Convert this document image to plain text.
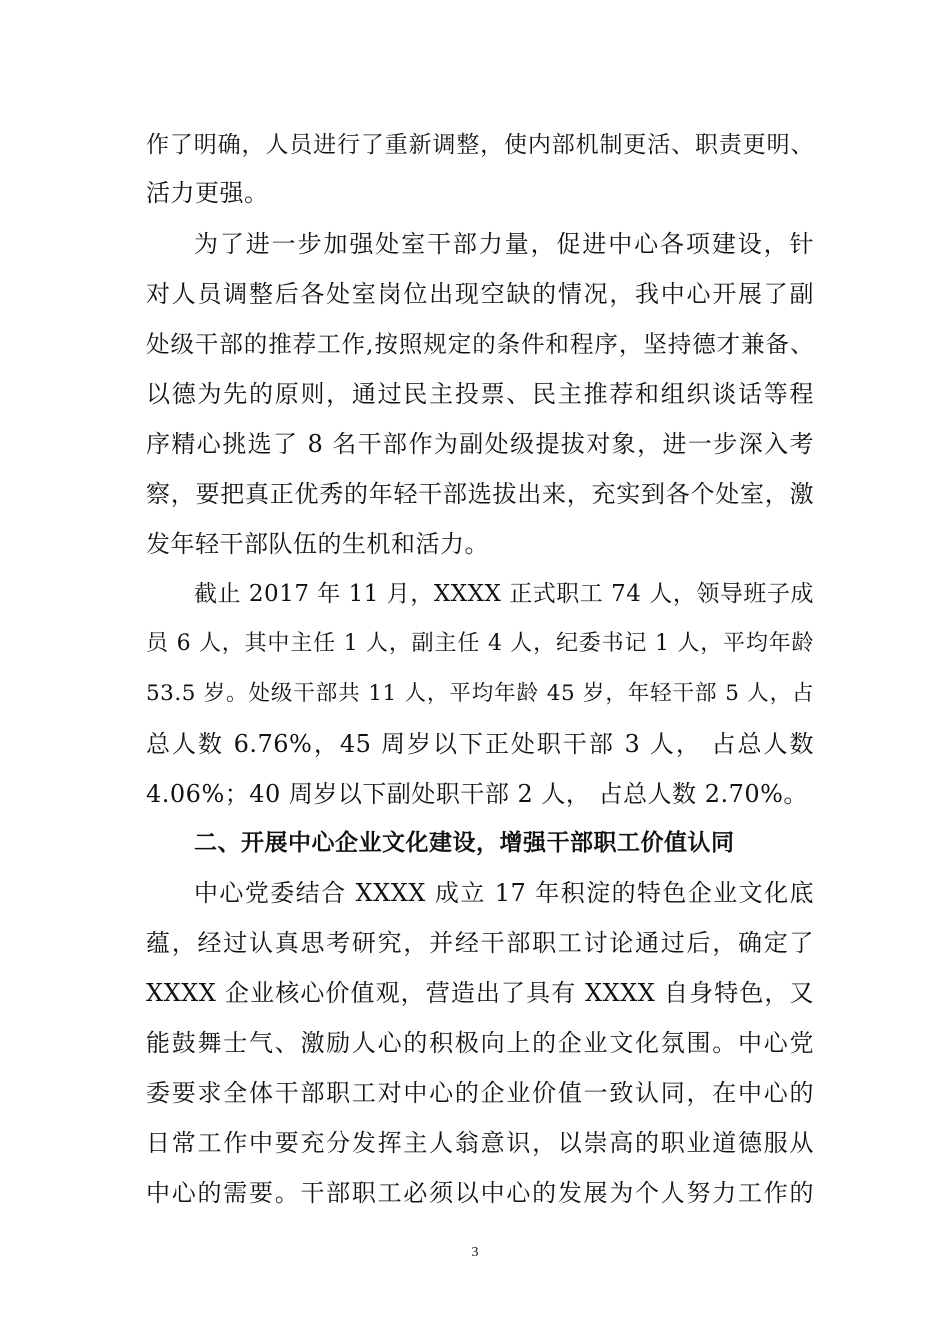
作了明确，人员进行了重新调整，使内部机制更活、职责更明、
活力更强。
为了进一步加强处室干部力量，促进中心各项建设，针
对人员调整后各处室岗位出现空缺的情况，我中心开展了副
处级干部的推荐工作,按照规定的条件和程序，坚持德才兼备、
以德为先的原则，通过民主投票、民主推荐和组织谈话等程
序精心挑选了 8 名干部作为副处级提拔对象，进一步深入考
察，要把真正优秀的年轻干部选拔出来，充实到各个处室，激
发年轻干部队伍的生机和活力。
截止 2017 年 11 月，XXXX 正式职工 74 人，领导班子成
员 6 人，其中主任 1 人，副主任 4 人，纪委书记 1 人，平均年龄
53.5 岁。处级干部共 11 人，平均年龄 45 岁，年轻干部 5 人，占
总人数 6.76%，45 周岁以下正处职干部 3 人， 占总人数
4.06%；40 周岁以下副处职干部 2 人， 占总人数 2.70%。
二、开展中心企业文化建设，增强干部职工价值认同
中心党委结合 XXXX 成立 17 年积淀的特色企业文化底
蕴，经过认真思考研究，并经干部职工讨论通过后，确定了
XXXX 企业核心价值观，营造出了具有 XXXX 自身特色，又
能鼓舞士气、激励人心的积极向上的企业文化氛围。中心党
委要求全体干部职工对中心的企业价值一致认同，在中心的
日常工作中要充分发挥主人翁意识，以崇高的职业道德服从
中心的需要。干部职工必须以中心的发展为个人努力工作的
3
